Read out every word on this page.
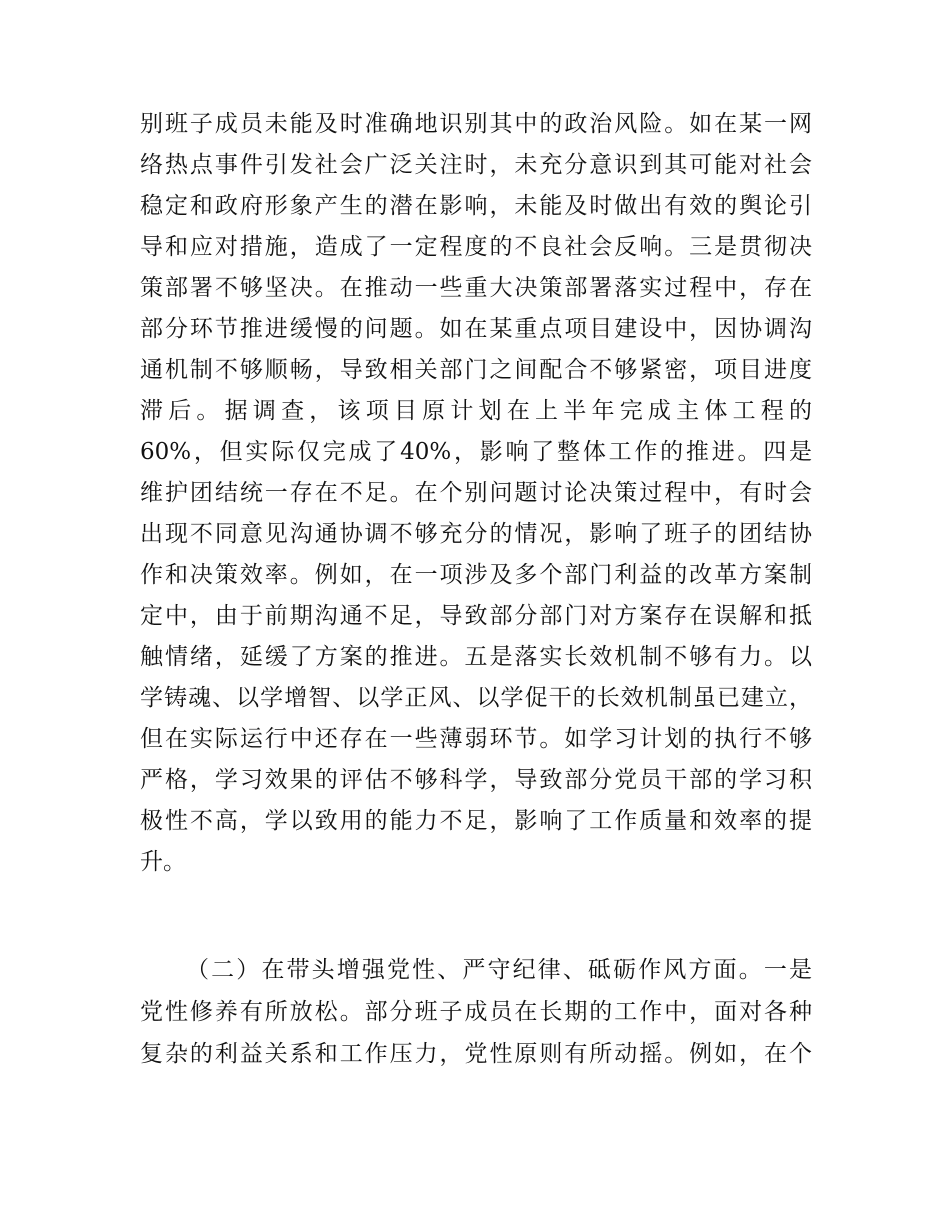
别班子成员未能及时准确地识别其中的政治风险。如在某一网
络热点事件引发社会广泛关注时，未充分意识到其可能对社会
稳定和政府形象产生的潜在影响，未能及时做出有效的舆论引
导和应对措施，造成了一定程度的不良社会反响。三是贯彻决
策部署不够坚决。在推动一些重大决策部署落实过程中，存在
部分环节推进缓慢的问题。如在某重点项目建设中，因协调沟
通机制不够顺畅，导致相关部门之间配合不够紧密，项目进度
滞后。据调查，该项目原计划在上半年完成主体工程的
60%，但实际仅完成了40%，影响了整体工作的推进。四是
维护团结统一存在不足。在个别问题讨论决策过程中，有时会
出现不同意见沟通协调不够充分的情况，影响了班子的团结协
作和决策效率。例如，在一项涉及多个部门利益的改革方案制
定中，由于前期沟通不足，导致部分部门对方案存在误解和抵
触情绪，延缓了方案的推进。五是落实长效机制不够有力。以
学铸魂、以学增智、以学正风、以学促干的长效机制虽已建立，
但在实际运行中还存在一些薄弱环节。如学习计划的执行不够
严格，学习效果的评估不够科学，导致部分党员干部的学习积
极性不高，学以致用的能力不足，影响了工作质量和效率的提
升。
（二）在带头增强党性、严守纪律、砥砺作风方面。一是
党性修养有所放松。部分班子成员在长期的工作中，面对各种
复杂的利益关系和工作压力，党性原则有所动摇。例如，在个
